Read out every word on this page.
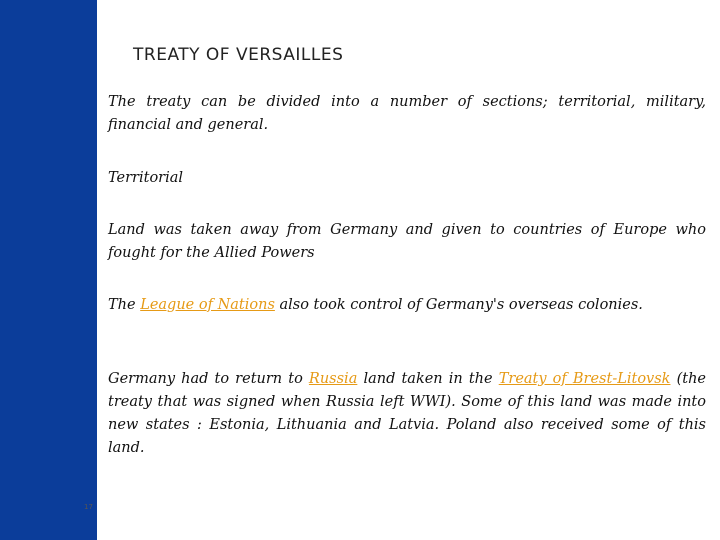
17
TREATY OF VERSAILLES

The treaty can be divided into a number of sections; territorial, military, financial and general.

Territorial

Land was taken away from Germany and given to countries of Europe who fought for the Allied Powers

The League of Nations also took control of Germany's overseas colonies.

Germany had to return to Russia land taken in the Treaty of Brest-Litovsk (the treaty that was signed when Russia left WWI). Some of this land was made into new states : Estonia, Lithuania and Latvia. Poland also received some of this land.
